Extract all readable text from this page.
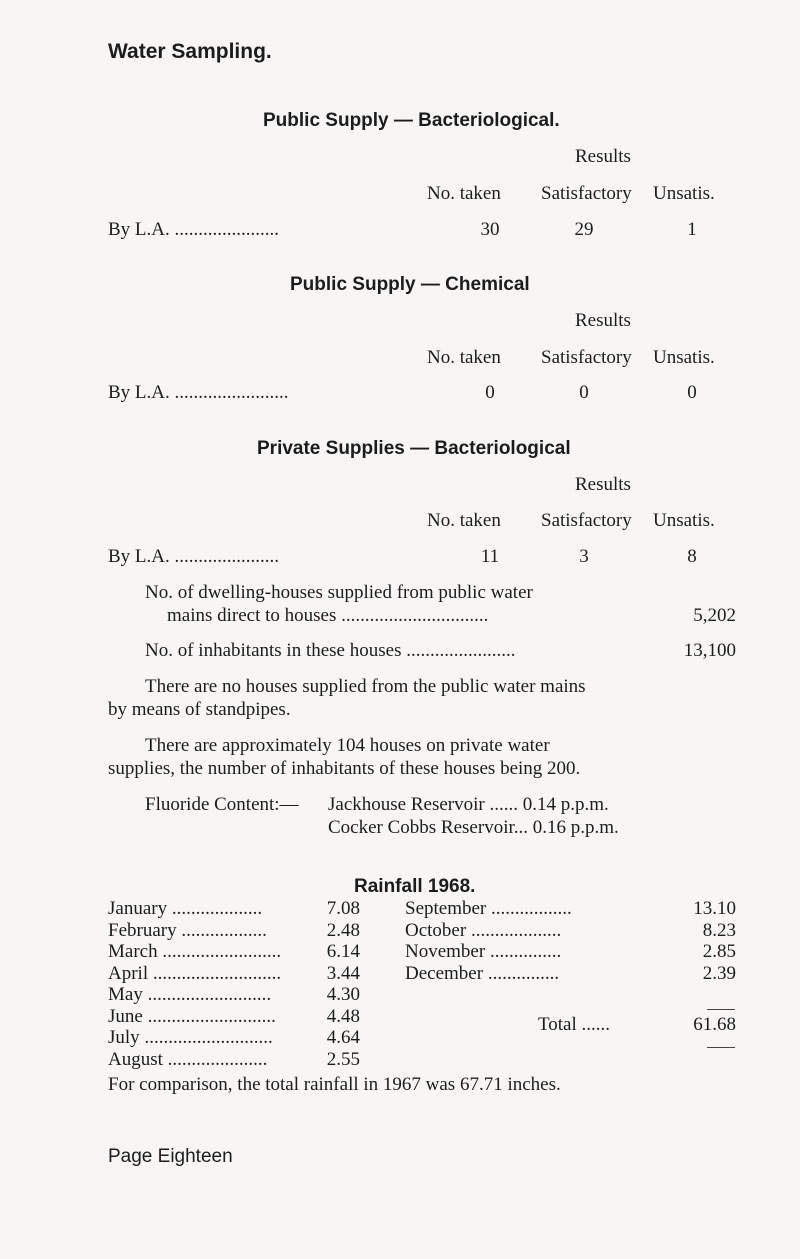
Water Sampling.
Public Supply — Bacteriological.
Results
No. taken Satisfactory Unsatis.
By L.A. ......................	30	29	1
Public Supply — Chemical
Results
No. taken Satisfactory Unsatis.
By L.A. ........................	0	0	0
Private Supplies — Bacteriological
Results
No. taken Satisfactory Unsatis.
By L.A. ......................	11	3	8
No. of dwelling-houses supplied from public water
mains direct to houses ...............................	5,202
No. of inhabitants in these houses .......................	13,100
There are no houses supplied from the public water mains
by means of standpipes.
There are approximately 104 houses on private water
supplies, the number of inhabitants of these houses being 200.
Fluoride Content:— Jackhouse Reservoir ...... 0.14 p.p.m.
Cocker Cobbs Reservoir... 0.16 p.p.m.
Rainfall 1968.
January ...................	7.08
February ..................	2.48
March .........................	6.14
April ...........................	3.44
May ..........................	4.30
June ...........................	4.48
July ...........................	4.64
August .....................	2.55
September .................	13.10
October ...................	8.23
November ...............	2.85
December ...............	2.39
Total ......	61.68
For comparison, the total rainfall in 1967 was 67.71 inches.
Page Eighteen
